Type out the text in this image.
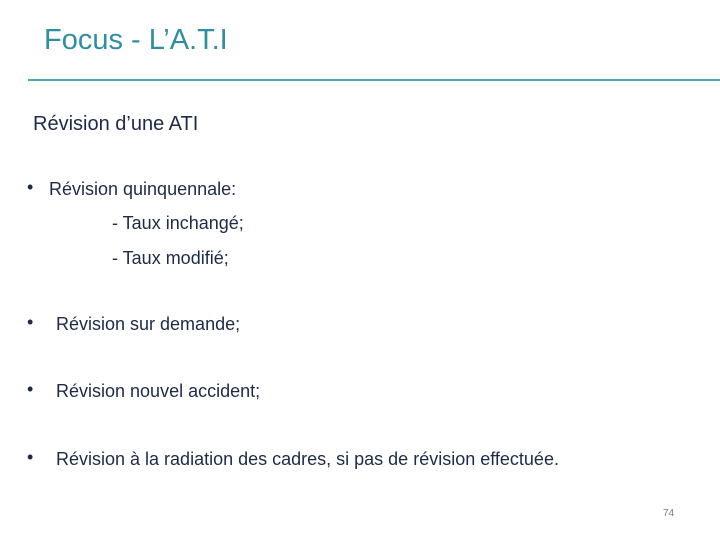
Focus - L’A.T.I
Révision d’une ATI
• Révision quinquennale:
- Taux inchangé;
- Taux modifié;
• Révision sur demande;
• Révision nouvel accident;
• Révision à la radiation des cadres, si pas de révision effectuée.
74
